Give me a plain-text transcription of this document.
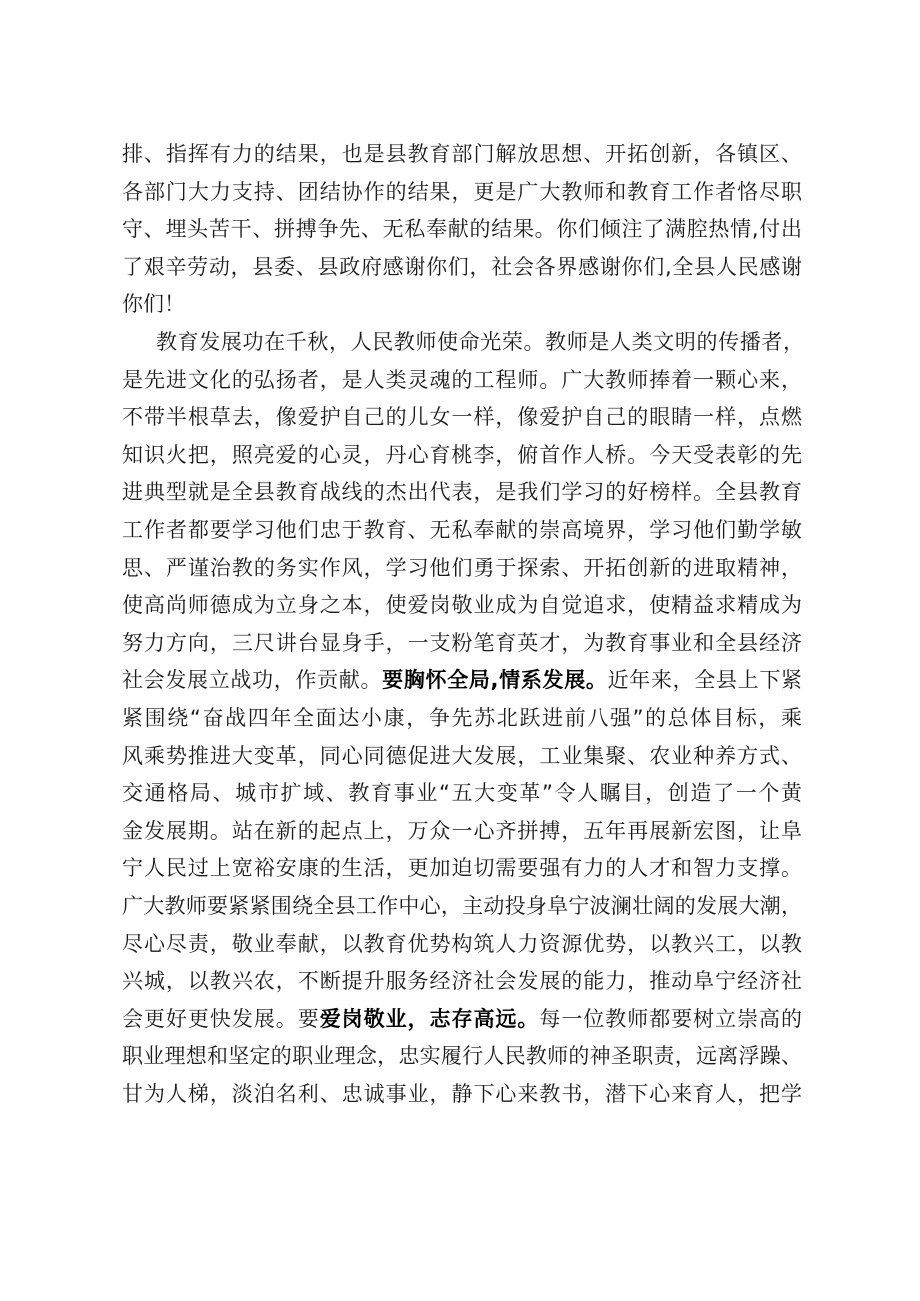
排、指挥有力的结果，也是县教育部门解放思想、开拓创新，各镇区、
各部门大力支持、团结协作的结果，更是广大教师和教育工作者恪尽职
守、埋头苦干、拼搏争先、无私奉献的结果。你们倾注了满腔热情,付出
了艰辛劳动，县委、县政府感谢你们，社会各界感谢你们,全县人民感谢
你们！
教育发展功在千秋，人民教师使命光荣。教师是人类文明的传播者，
是先进文化的弘扬者，是人类灵魂的工程师。广大教师捧着一颗心来，
不带半根草去，像爱护自己的儿女一样，像爱护自己的眼睛一样，点燃
知识火把，照亮爱的心灵，丹心育桃李，俯首作人桥。今天受表彰的先
进典型就是全县教育战线的杰出代表，是我们学习的好榜样。全县教育
工作者都要学习他们忠于教育、无私奉献的崇高境界，学习他们勤学敏
思、严谨治教的务实作风，学习他们勇于探索、开拓创新的进取精神，
使高尚师德成为立身之本，使爱岗敬业成为自觉追求，使精益求精成为
努力方向，三尺讲台显身手，一支粉笔育英才，为教育事业和全县经济
社会发展立战功，作贡献。要胸怀全局,情系发展。近年来，全县上下紧
紧围绕“奋战四年全面达小康，争先苏北跃进前八强”的总体目标，乘
风乘势推进大变革，同心同德促进大发展，工业集聚、农业种养方式、
交通格局、城市扩域、教育事业“五大变革”令人瞩目，创造了一个黄
金发展期。站在新的起点上，万众一心齐拼搏，五年再展新宏图，让阜
宁人民过上宽裕安康的生活，更加迫切需要强有力的人才和智力支撑。
广大教师要紧紧围绕全县工作中心，主动投身阜宁波澜壮阔的发展大潮，
尽心尽责，敬业奉献，以教育优势构筑人力资源优势，以教兴工，以教
兴城，以教兴农，不断提升服务经济社会发展的能力，推动阜宁经济社
会更好更快发展。要爱岗敬业，志存高远。每一位教师都要树立崇高的
职业理想和坚定的职业理念，忠实履行人民教师的神圣职责，远离浮躁、
甘为人梯，淡泊名利、忠诚事业，静下心来教书，潜下心来育人，把学
